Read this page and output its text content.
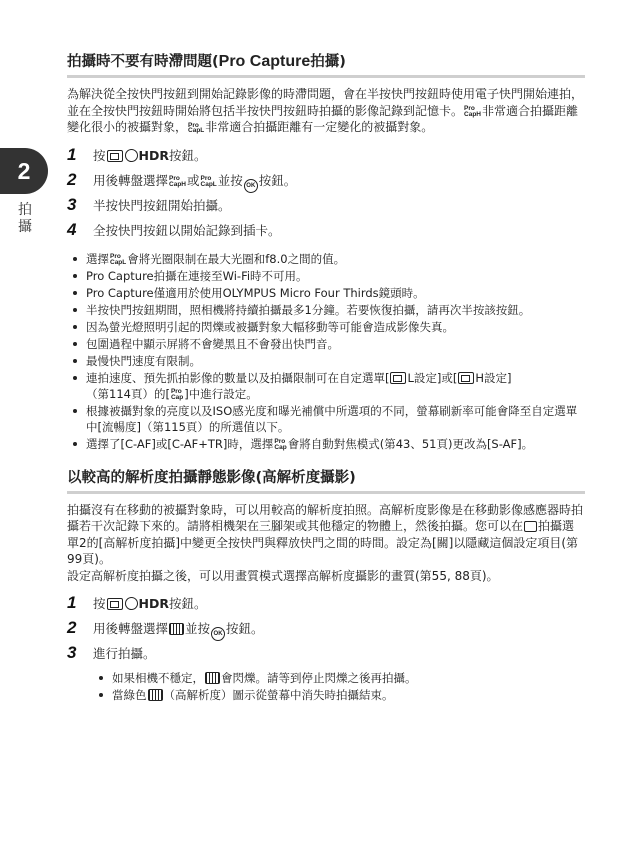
2
拍攝
拍攝時不要有時滯問題(Pro Capture拍攝)

為解決從全按快門按鈕到開始記錄影像的時滯問題，會在半按快門按鈕時使用電子快門開始連拍，並在全按快門按鈕時開始將包括半按快門按鈕時拍攝的影像記錄到記憶卡。Pro
CapH非常適合拍攝距離變化很小的被攝對象，Pro
CapL非常適合拍攝距離有一定變化的被攝對象。

1	按	HDR按鈕。
2	用後轉盤選擇Pro
CapH或Pro
CapL並按 OK 按鈕。
3	半按快門按鈕開始拍攝。
4	全按快門按鈕以開始記錄到插卡。
選擇Pro
CapL會將光圈限制在最大光圈和f8.0之間的值。
Pro Capture拍攝在連接至Wi-Fi時不可用。
Pro Capture僅適用於使用OLYMPUS Micro Four Thirds鏡頭時。
半按快門按鈕期間，照相機將持續拍攝最多1分鐘。若要恢復拍攝，請再次半按該按鈕。
因為螢光燈照明引起的閃爍或被攝對象大幅移動等可能會造成影像失真。
包圍過程中顯示屏將不會變黑且不會發出快門音。
最慢快門速度有限制。
連拍速度、預先抓拍影像的數量以及拍攝限制可在自定選單[ L設定]或[ H設定]
（第114頁）的[Pro
Cap]中進行設定。
根據被攝對象的亮度以及ISO感光度和曝光補償中所選項的不同，螢幕刷新率可能會降至自定選單中[流暢度]（第115頁）的所選值以下。
選擇了[C-AF]或[C-AF+TR]時，選擇Pro
Cap會將自動對焦模式(第43、51頁)更改為[S-AF]。
以較高的解析度拍攝靜態影像(高解析度攝影)

拍攝沒有在移動的被攝對象時，可以用較高的解析度拍照。高解析度影像是在移動影像感應器時拍攝若干次記錄下來的。請將相機架在三腳架或其他穩定的物體上，然後拍攝。您可以在 拍攝選單2的[高解析度拍攝]中變更全按快門與釋放快門之間的時間。設定為[關]以隱藏這個設定項目(第99頁)。
設定高解析度拍攝之後，可以用畫質模式選擇高解析度攝影的畫質(第55, 88頁)。

1	按	HDR按鈕。
2	用後轉盤選擇 並按 OK 按鈕。
3	進行拍攝。
如果相機不穩定， 會閃爍。請等到停止閃爍之後再拍攝。
當綠色 （高解析度）圖示從螢幕中消失時拍攝結束。
